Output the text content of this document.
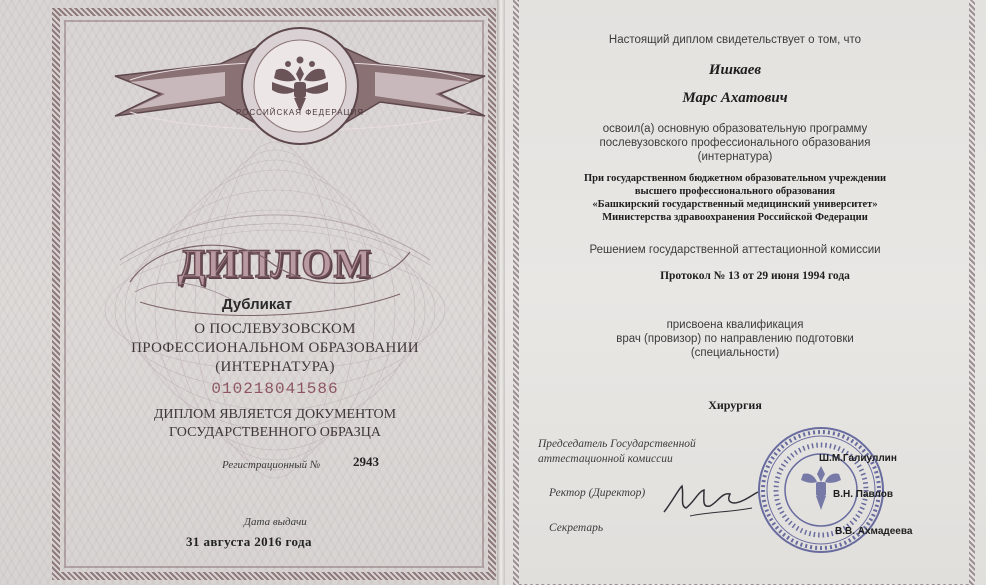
РОССИЙСКАЯ ФЕДЕРАЦИЯ
ДИПЛОМ
Дубликат
О ПОСЛЕВУЗОВСКОМ
ПРОФЕССИОНАЛЬНОМ ОБРАЗОВАНИИ
(ИНТЕРНАТУРА)
010218041586
ДИПЛОМ ЯВЛЯЕТСЯ ДОКУМЕНТОМ
ГОСУДАРСТВЕННОГО ОБРАЗЦА
Регистрационный №	2943
Дата выдачи
31 августа 2016 года
Настоящий диплом свидетельствует о том, что
Ишкаев
Марс Ахатович
освоил(а) основную образовательную программу
послевузовского профессионального образования
(интернатура)
При государственном бюджетном образовательном учреждении
высшего профессионального образования
«Башкирский государственный медицинский университет»
Министерства здравоохранения Российской Федерации
Решением государственной аттестационной комиссии
Протокол № 13 от 29 июня 1994 года
присвоена квалификация
врач (провизор) по направлению подготовки
(специальности)
Хирургия
Председатель Государственной
аттестационной комиссии
Ректор (Директор)
Секретарь
Ш.М.Галиуллин
В.Н. Павлов
В.В. Ахмадеева
